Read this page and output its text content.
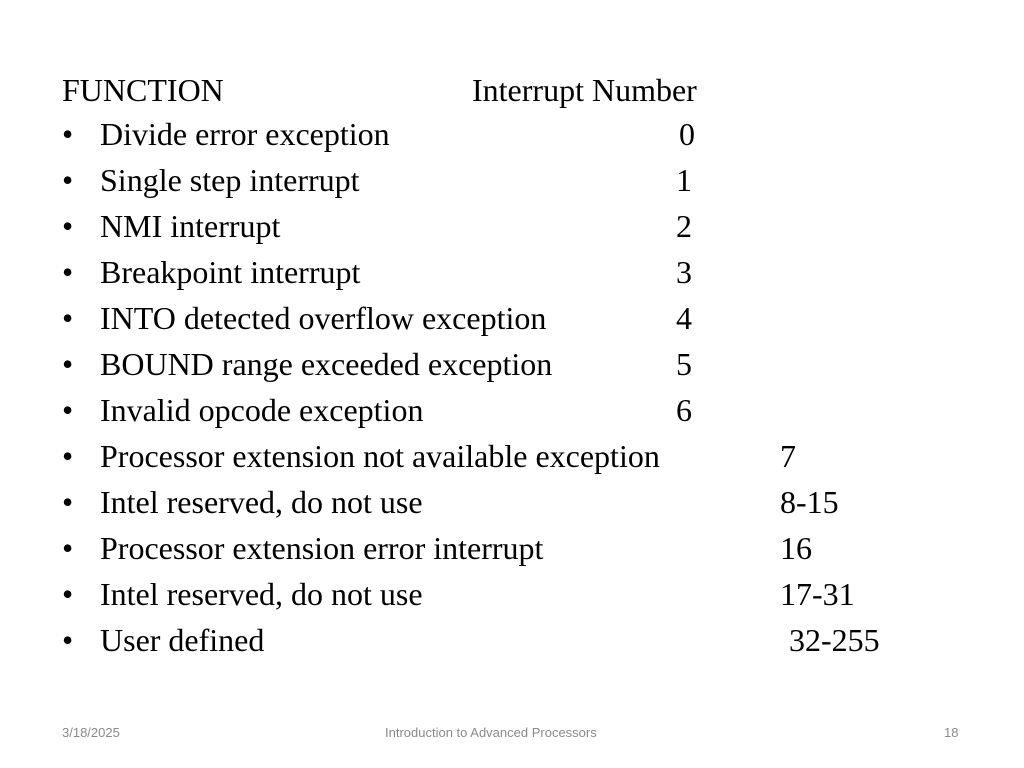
FUNCTION	Interrupt Number
• Divide error exception	0
• Single step interrupt	1
• NMI interrupt	2
• Breakpoint interrupt	3
• INTO detected overflow exception	4
• BOUND range exceeded exception	5
• Invalid opcode exception	6
• Processor extension not available exception	7
• Intel reserved, do not use	8-15
• Processor extension error interrupt	16
• Intel reserved, do not use	17-31
• User defined	32-255
3/18/2025	Introduction to Advanced Processors	18
